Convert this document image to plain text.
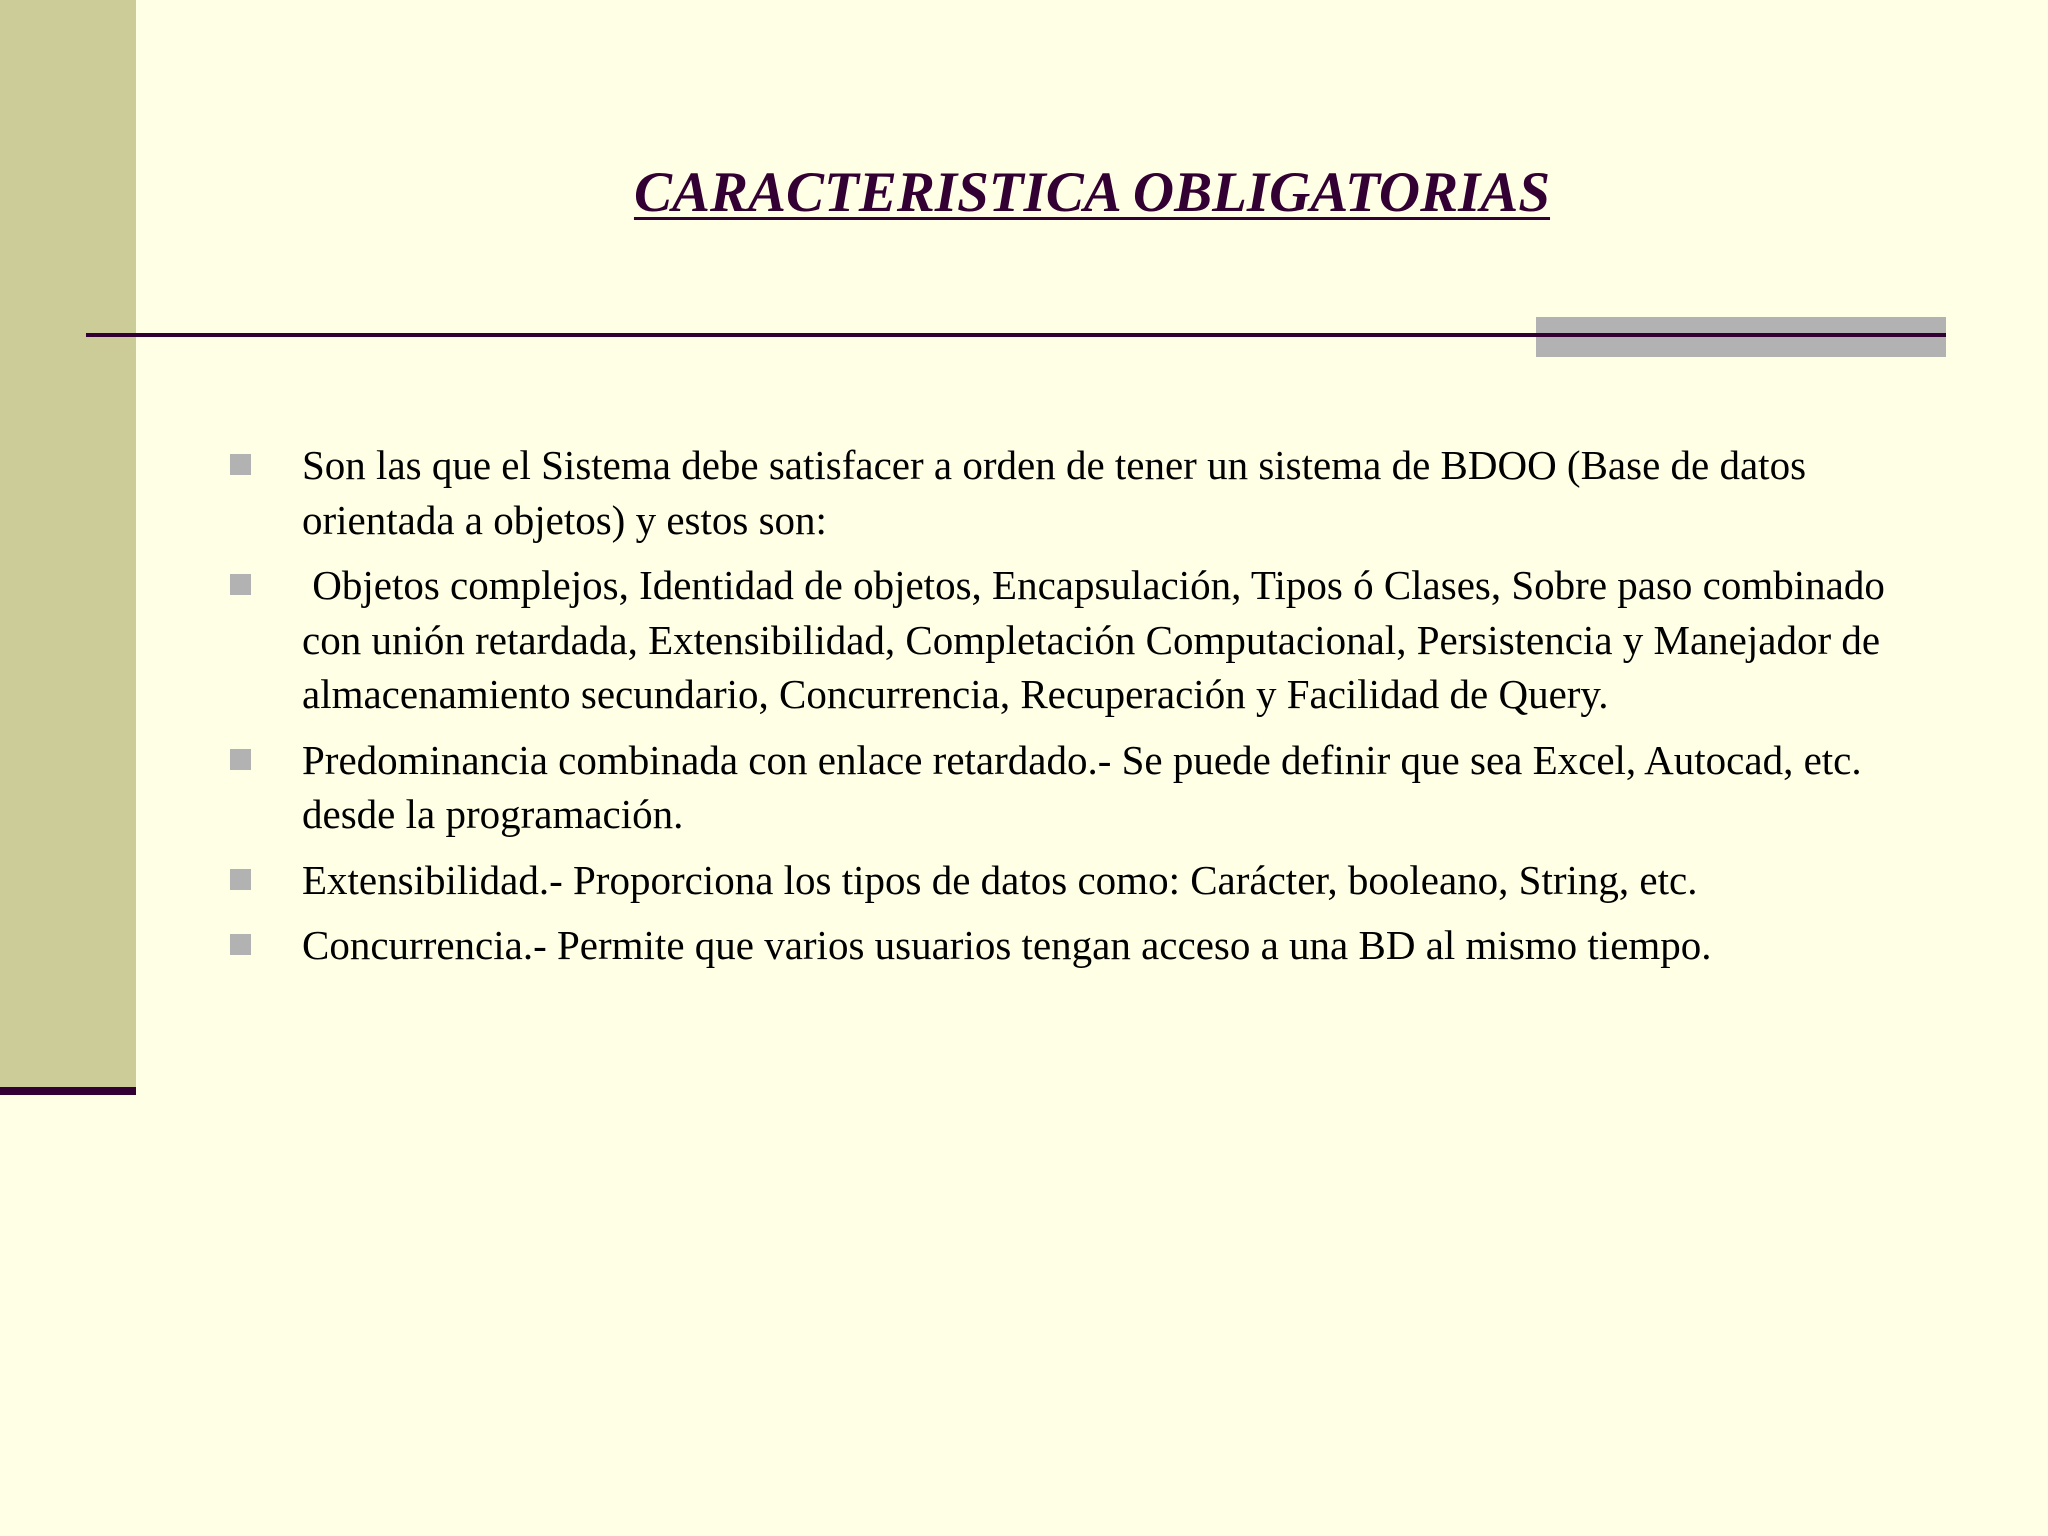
CARACTERISTICA OBLIGATORIAS
Son las que el Sistema debe satisfacer a orden de tener un sistema de BDOO (Base de datos orientada a objetos) y estos son:
Objetos complejos, Identidad de objetos, Encapsulación, Tipos ó Clases, Sobre paso combinado con unión retardada, Extensibilidad, Completación Computacional, Persistencia y Manejador de almacenamiento secundario, Concurrencia, Recuperación y Facilidad de Query.
Predominancia combinada con enlace retardado.- Se puede definir que sea Excel, Autocad, etc. desde la programación.
Extensibilidad.- Proporciona los tipos de datos como: Carácter, booleano, String, etc.
Concurrencia.- Permite que varios usuarios tengan acceso a una BD al mismo tiempo.
